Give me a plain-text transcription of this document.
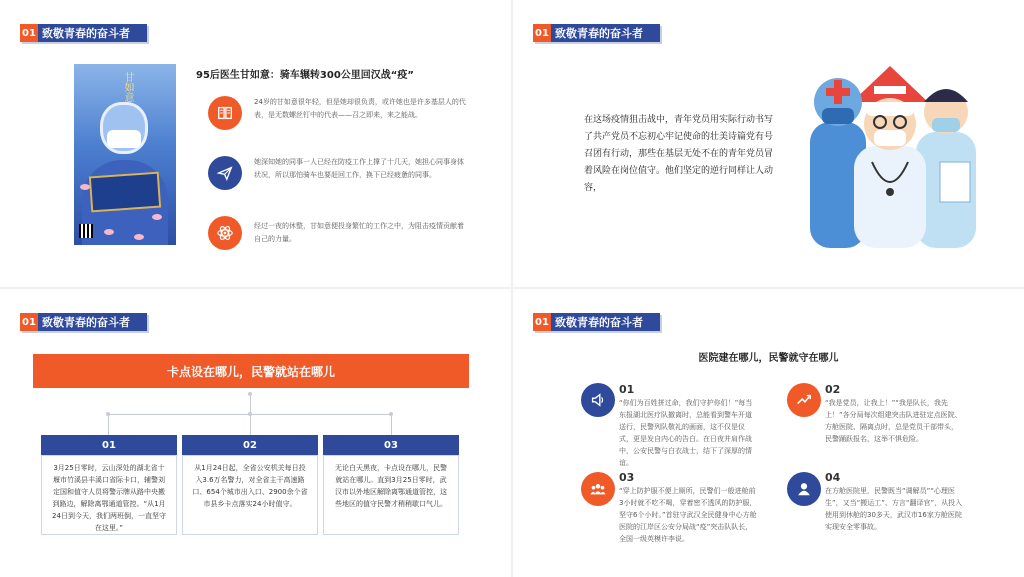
01 致敬青春的奋斗者
甘如意	95后医生甘如意：骑车辗转300公里回汉战“疫”
24岁的甘如意很年轻，但是她却很负责，或许她也是许多基层人的代表，是无数螺丝钉中的代表——召之即来，来之能战。
她深知她的同事一人已经在防疫工作上撑了十几天，她担心同事身体状况，所以那怕骑车也要赶回工作，换下已经疲惫的同事。
经过一夜的休整，甘如意便投身繁忙的工作之中，为阻击疫情贡献着自己的力量。
01 致敬青春的奋斗者
在这场疫情狙击战中，青年党员用实际行动书写了共产党员不忘初心牢记使命的壮美诗篇党有号召团有行动，那些在基层无处不在的青年党员冒着风险在岗位值守。他们坚定的逆行同样让人动容，
01 致敬青春的奋斗者
卡点设在哪儿，民警就站在哪儿
01
3月25日零时，云山深处的湖北省十堰市竹溪县丰溪口省际卡口，辅警刘定国和值守人员将警示牌从路中央搬到路边，解除离鄂通道管控。“从1月24日到今天，我们两班倒，一直坚守在这里。”
02
从1月24日起，全省公安机关每日投入3.6万名警力，对全省主干高速路口、654个城市出入口、2900余个省市县乡卡点落实24小时值守。
03
无论白天黑夜，卡点设在哪儿，民警就站在哪儿。直到3月25日零时，武汉市以外地区解除离鄂通道管控，这些地区的值守民警才稍稍歇口气儿。
01 致敬青春的奋斗者
医院建在哪儿，民警就守在哪儿
01
“你们为百姓拼过命，我们守护你们！”每当东报湖北医疗队撤离时，总能看到警车开道送行，民警列队敬礼的画面，这不仅是仪式，更是发自内心的告白。在日夜并肩作战中，公安民警与白衣战士，结下了深厚的情谊。
02
“我是党员，让我上！”“我是队长，我先上！”各分局每次组建突击队进驻定点医院、方舱医院、隔离点时，总是党员干部带头，民警踊跃报名，这举不惧危险。
03
“穿上防护服不便上厕所，民警们一般进舱前3小时就不吃不喝，穿着密不透风的防护服，坚守6个小时。”首驻守武汉全民健身中心方舱医院的江岸区公安分局战“疫”突击队队长，全国一级英模许李说。
04
在方舱医院里，民警既当“调解员”“心理医生”，又当“搬运工”、方言“翻译官”，从投入使用到休舱的30多天，武汉市16家方舱医院实现安全零事故。
